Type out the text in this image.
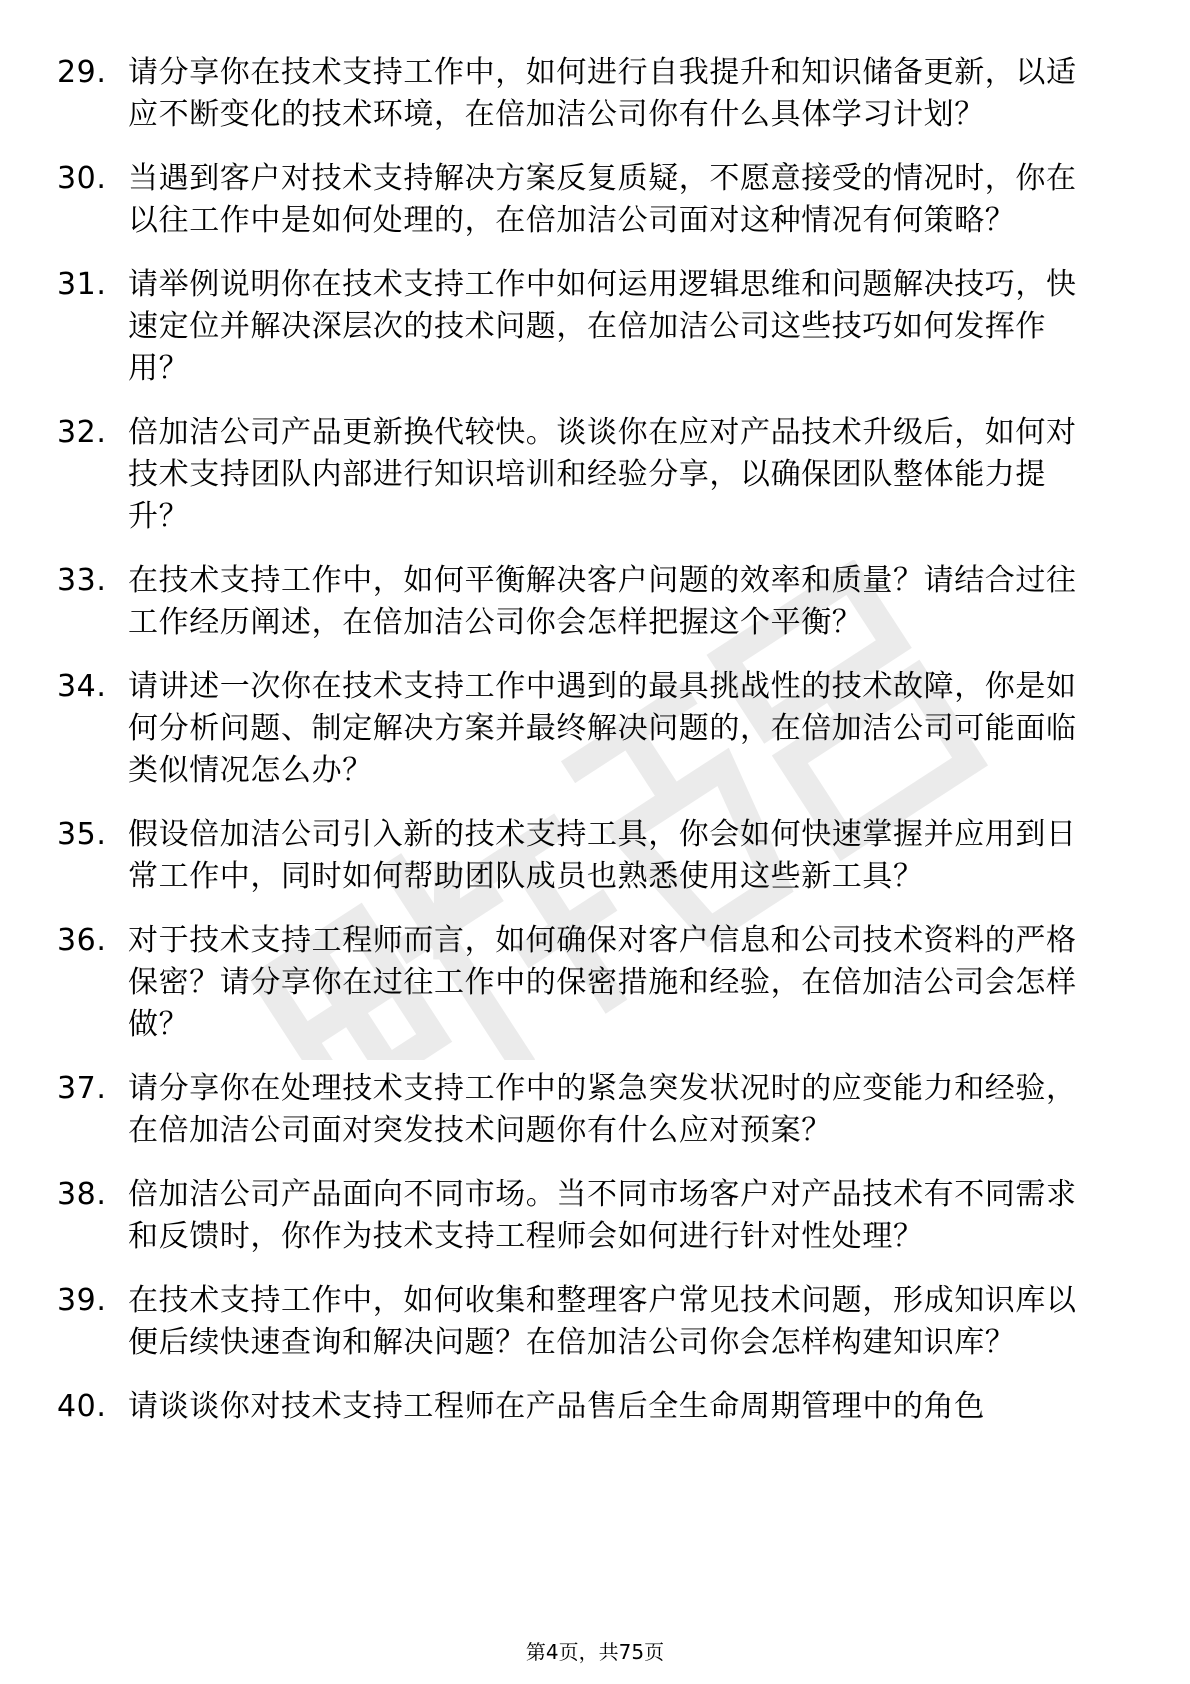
29. 请分享你在技术支持工作中，如何进行自我提升和知识储备更新，以适应不断变化的技术环境，在倍加洁公司你有什么具体学习计划？
30. 当遇到客户对技术支持解决方案反复质疑，不愿意接受的情况时，你在以往工作中是如何处理的，在倍加洁公司面对这种情况有何策略？
31. 请举例说明你在技术支持工作中如何运用逻辑思维和问题解决技巧，快速定位并解决深层次的技术问题，在倍加洁公司这些技巧如何发挥作用？
32. 倍加洁公司产品更新换代较快。谈谈你在应对产品技术升级后，如何对技术支持团队内部进行知识培训和经验分享，以确保团队整体能力提升？
33. 在技术支持工作中，如何平衡解决客户问题的效率和质量？请结合过往工作经历阐述，在倍加洁公司你会怎样把握这个平衡？
34. 请讲述一次你在技术支持工作中遇到的最具挑战性的技术故障，你是如何分析问题、制定解决方案并最终解决问题的，在倍加洁公司可能面临类似情况怎么办？
35. 假设倍加洁公司引入新的技术支持工具，你会如何快速掌握并应用到日常工作中，同时如何帮助团队成员也熟悉使用这些新工具？
36. 对于技术支持工程师而言，如何确保对客户信息和公司技术资料的严格保密？请分享你在过往工作中的保密措施和经验，在倍加洁公司会怎样做？
37. 请分享你在处理技术支持工作中的紧急突发状况时的应变能力和经验，在倍加洁公司面对突发技术问题你有什么应对预案？
38. 倍加洁公司产品面向不同市场。当不同市场客户对产品技术有不同需求和反馈时，你作为技术支持工程师会如何进行针对性处理？
39. 在技术支持工作中，如何收集和整理客户常见技术问题，形成知识库以便后续快速查询和解决问题？在倍加洁公司你会怎样构建知识库？
40. 请谈谈你对技术支持工程师在产品售后全生命周期管理中的角色
第4页，共75页
